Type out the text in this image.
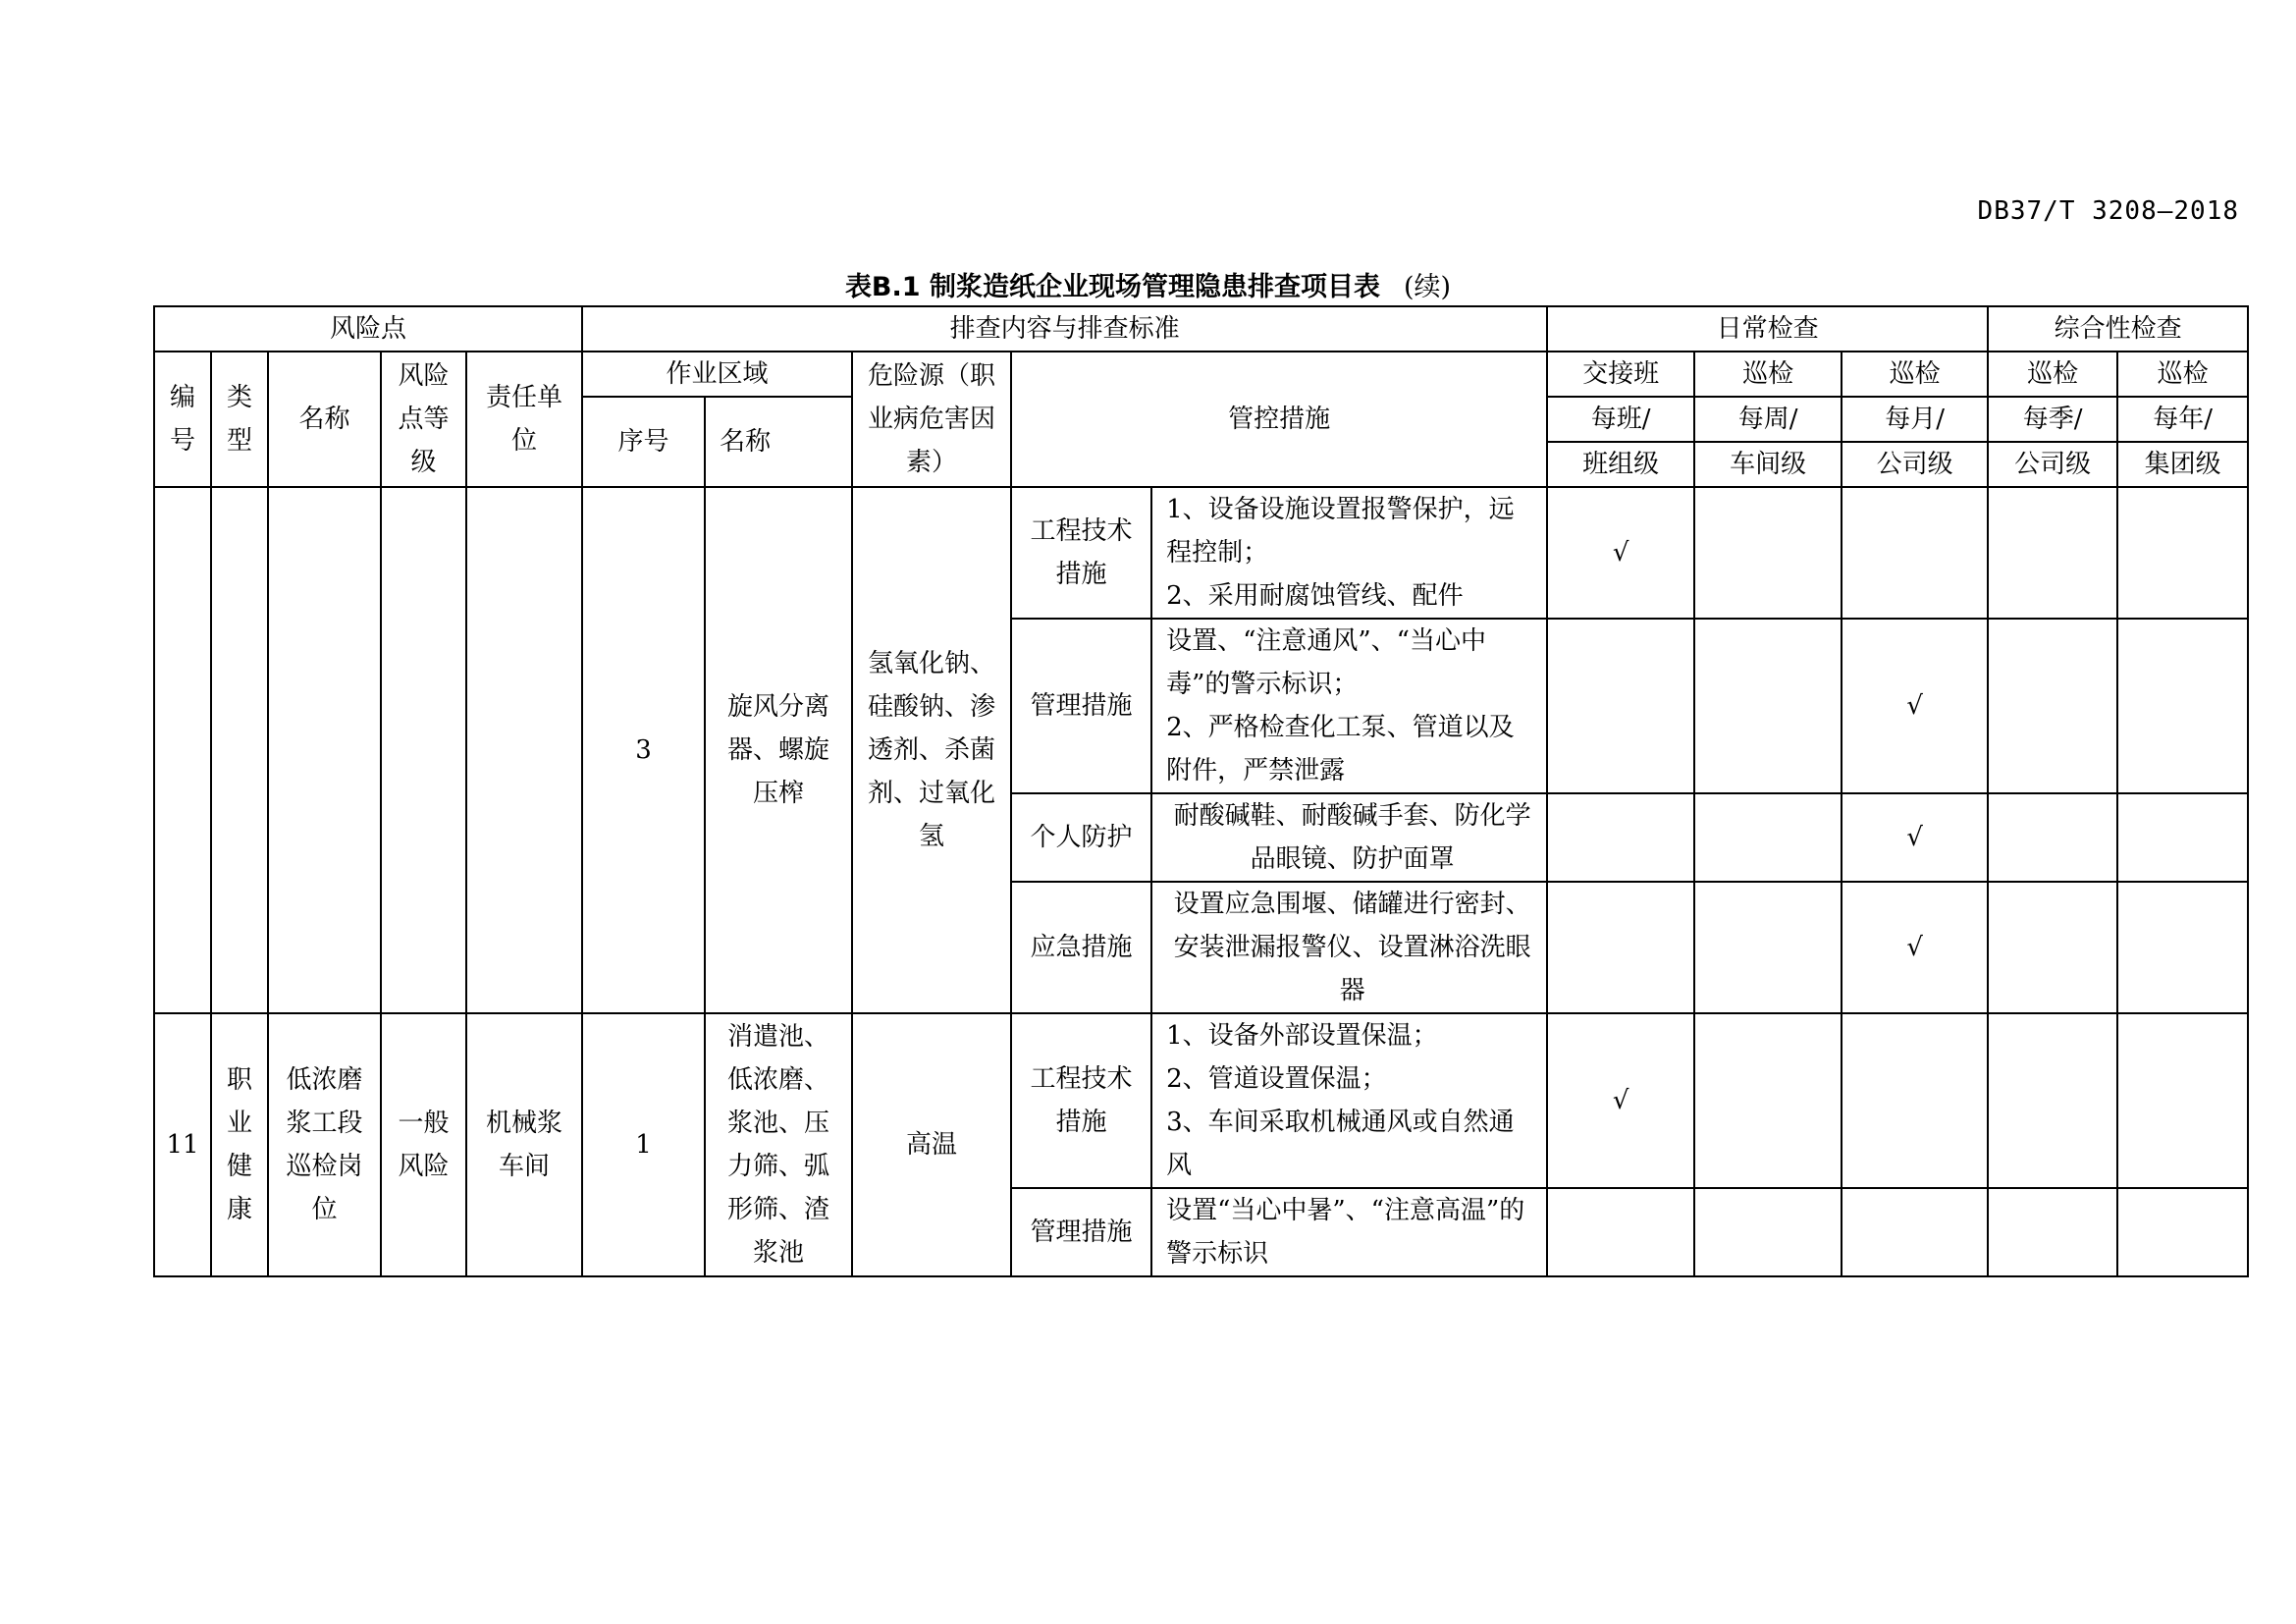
DB37/T 3208—2018
表B.1 制浆造纸企业现场管理隐患排查项目表 (续)
风险点					排查内容与排查标准					日常检查			综合性检查	
编号	类型	名称	风险点等级	责任单位	作业区域		危险源（职业病危害因素）	管控措施		交接班	巡检	巡检	巡检	巡检
					序号	名称				每班/	每周/	每月/	每季/	每年/
										班组级	车间级	公司级	公司级	集团级
					3	旋风分离器、螺旋压榨	氢氧化钠、硅酸钠、渗透剂、杀菌剂、过氧化氢	工程技术措施	1、设备设施设置报警保护，远程控制；
2、采用耐腐蚀管线、配件	√				
								管理措施	设置、“注意通风”、“当心中毒”的警示标识；
2、严格检查化工泵、管道以及附件，严禁泄露			√		
								个人防护	耐酸碱鞋、耐酸碱手套、防化学品眼镜、防护面罩			√		
								应急措施	设置应急围堰、储罐进行密封、安装泄漏报警仪、设置淋浴洗眼器			√		
11	职业健康	低浓磨浆工段巡检岗位	一般风险	机械浆车间	1	消遣池、低浓磨、浆池、压力筛、弧形筛、渣浆池	高温	工程技术措施	1、设备外部设置保温；
2、管道设置保温；
3、车间采取机械通风或自然通风	√				
								管理措施	设置“当心中暑”、“注意高温”的警示标识					
